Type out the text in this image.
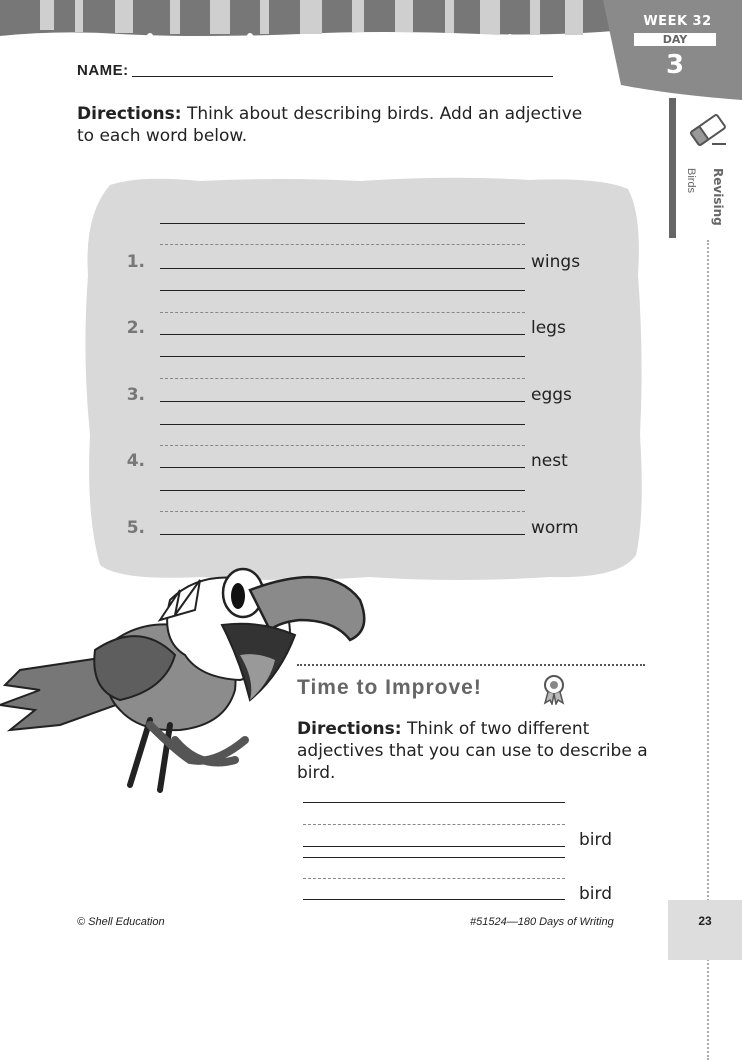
WEEK 32
DAY
3
Revising
Birds
NAME:
Directions: Think about describing birds. Add an adjective to each word below.
1.	wings
2.	legs
3.	eggs
4.	nest
5.	worm
Time to Improve!
Directions: Think of two different adjectives that you can use to describe a bird.
bird
bird
© Shell Education	#51524—180 Days of Writing	23
